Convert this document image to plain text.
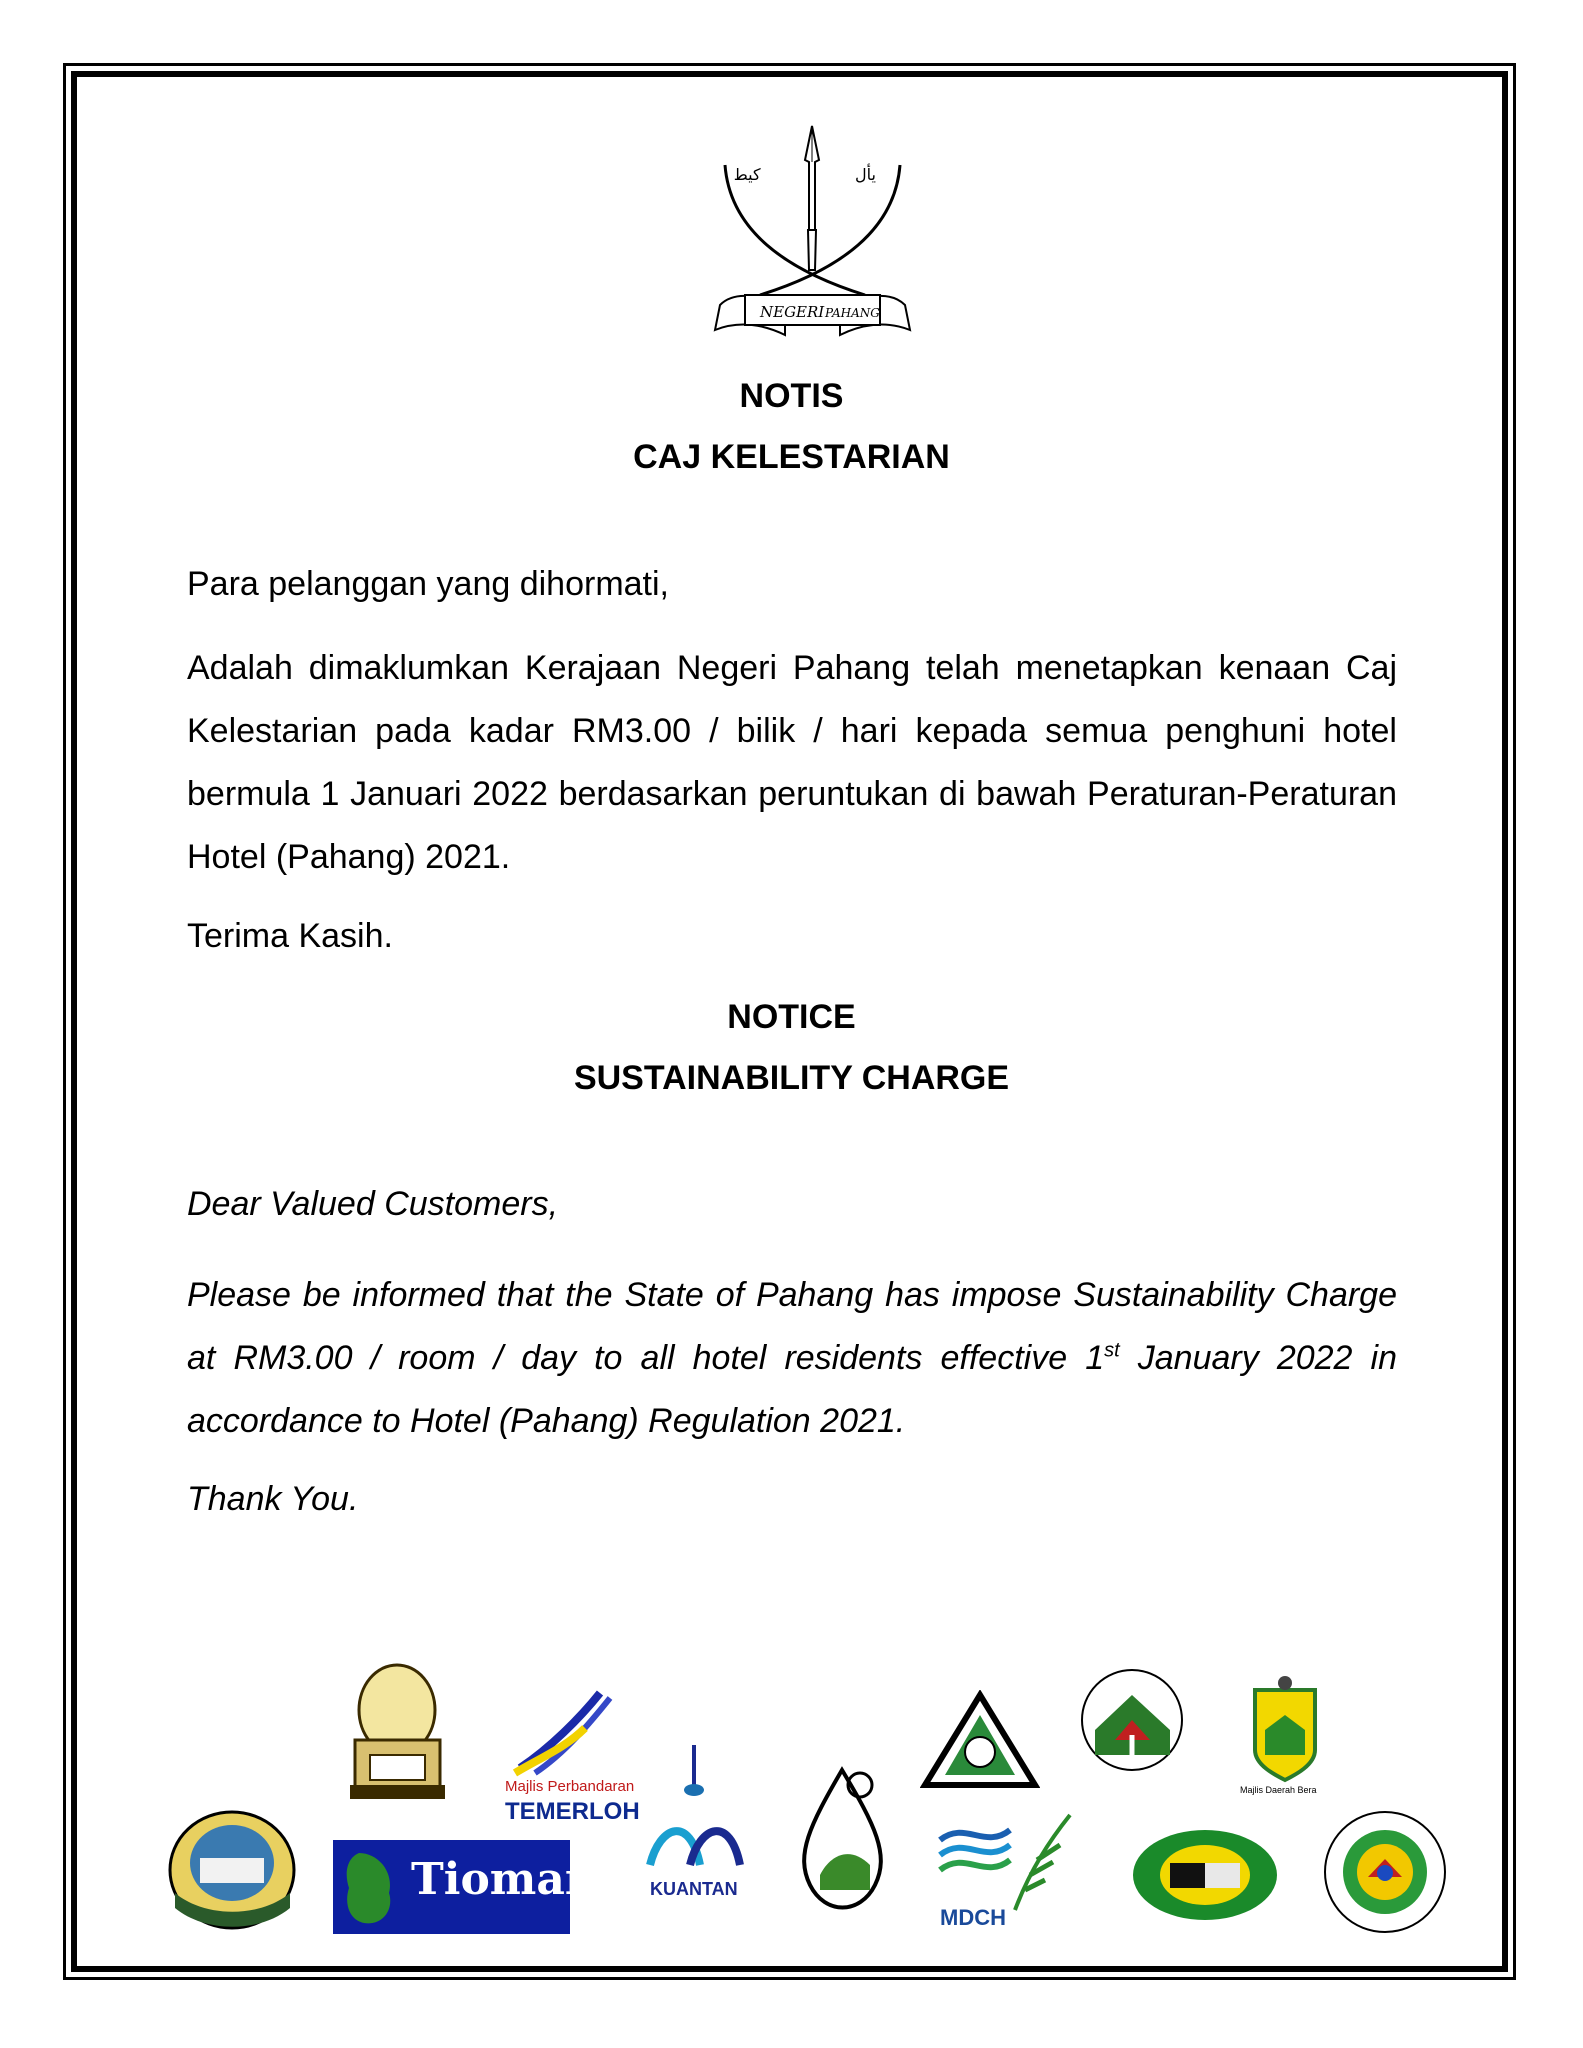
ﻛﻴﻄ	ﻳﺄل
NEGERI PAHANG
NOTIS
CAJ KELESTARIAN
Para pelanggan yang dihormati,
Adalah dimaklumkan Kerajaan Negeri Pahang telah menetapkan kenaan Caj Kelestarian pada kadar RM3.00 / bilik / hari kepada semua penghuni hotel bermula 1 Januari 2022 berdasarkan peruntukan di bawah Peraturan-Peraturan Hotel (Pahang) 2021.
Terima Kasih.
NOTICE
SUSTAINABILITY CHARGE
Dear Valued Customers,
Please be informed that the State of Pahang has impose Sustainability Charge at RM3.00 / room / day to all hotel residents effective 1st January 2022 in accordance to Hotel (Pahang) Regulation 2021.
Thank You.
Majlis Perbandaran
TEMERLOH
KUANTAN
Majlis Daerah Bera
Tioman
MDCH
